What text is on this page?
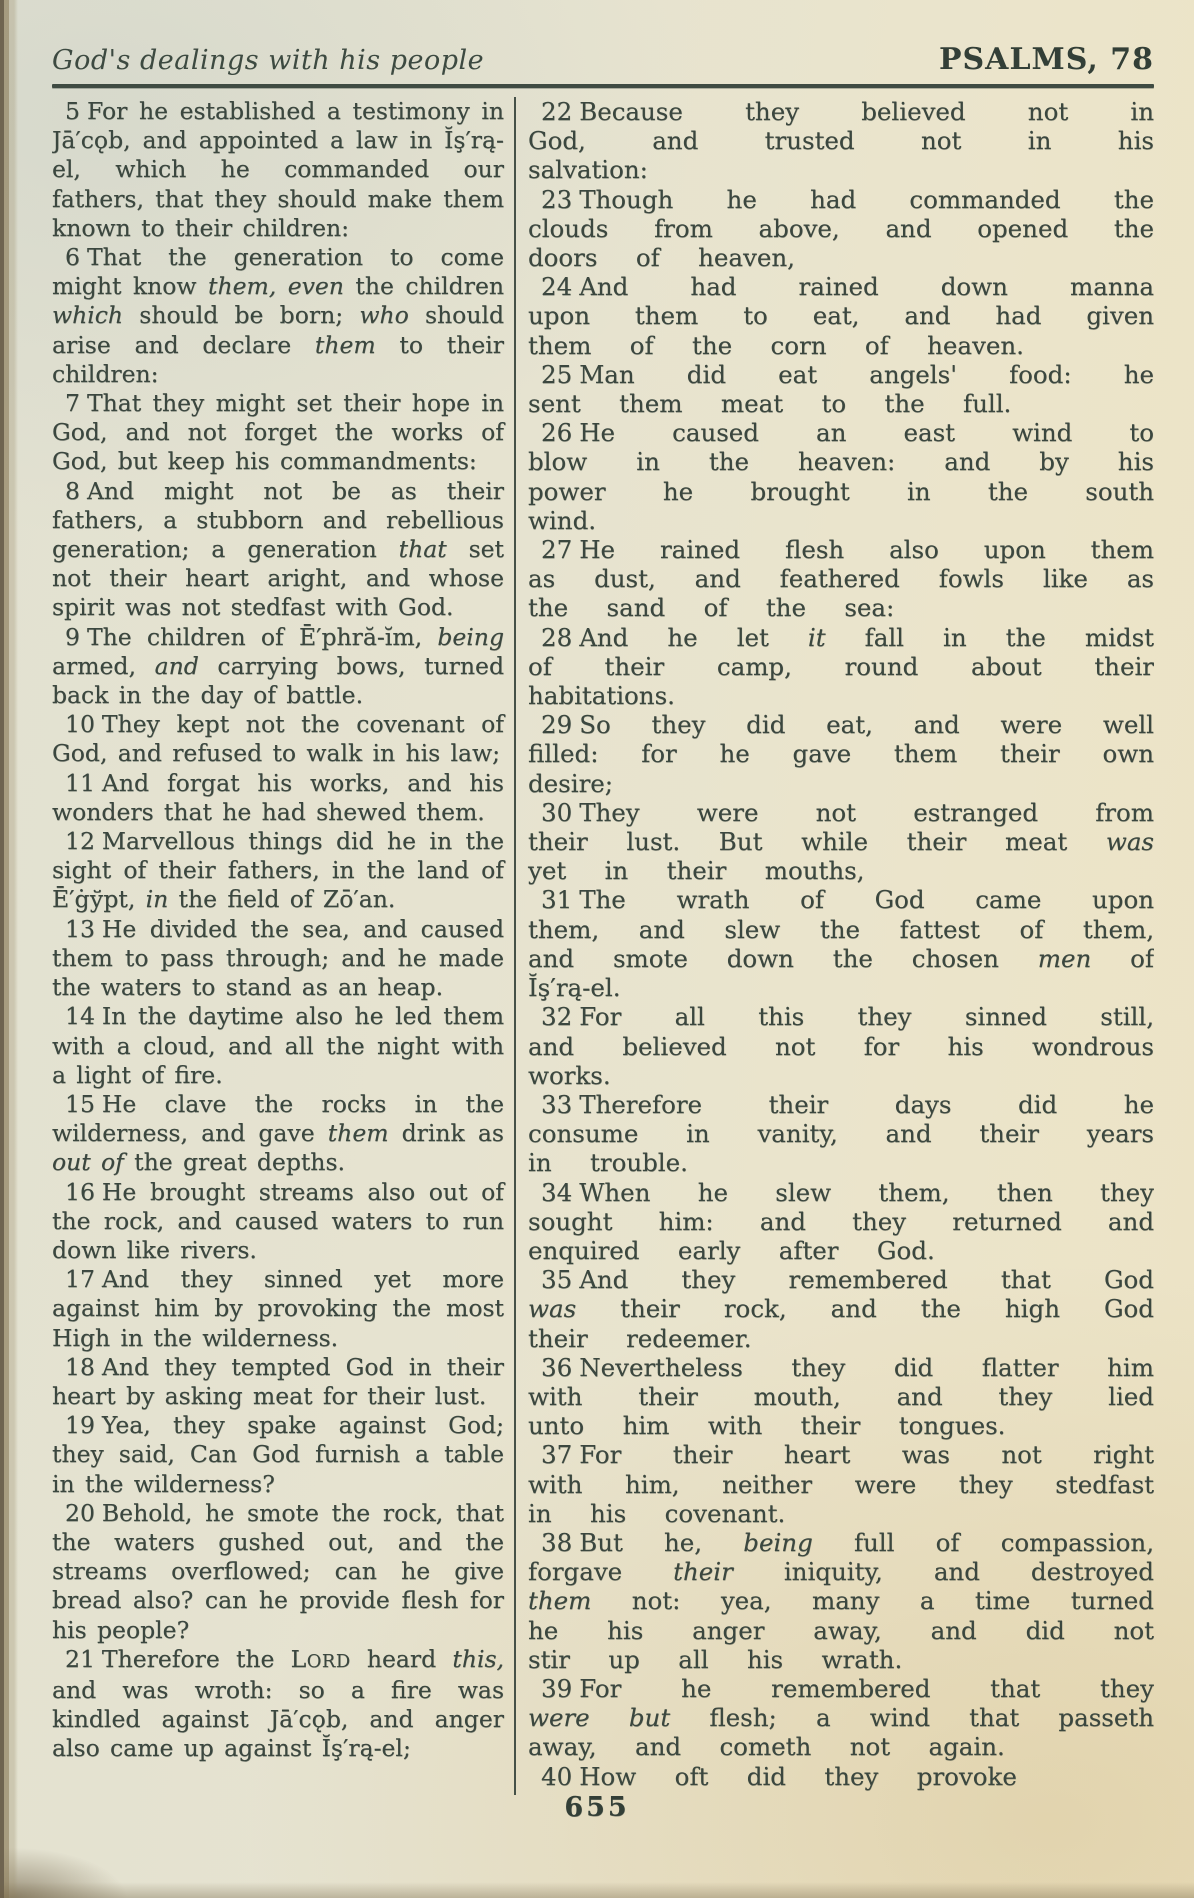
God's dealings with his people	PSALMS, 78

5 For he established a testimony in Jā′cǫb, and appointed a law in Ĭş′rą-el, which he commanded our fathers, that they should make them known to their children:

6 That the generation to come might know them, even the children which should be born; who should arise and declare them to their children:

7 That they might set their hope in God, and not forget the works of God, but keep his commandments:

8 And might not be as their fathers, a stubborn and rebellious generation; a generation that set not their heart aright, and whose spirit was not stedfast with God.

9 The children of Ē′phră-ĭm, being armed, and carrying bows, turned back in the day of battle.

10 They kept not the covenant of God, and refused to walk in his law;

11 And forgat his works, and his wonders that he had shewed them.

12 Marvellous things did he in the sight of their fathers, in the land of Ē′ġўpt, in the field of Zō′an.

13 He divided the sea, and caused them to pass through; and he made the waters to stand as an heap.

14 In the daytime also he led them with a cloud, and all the night with a light of fire.

15 He clave the rocks in the wilderness, and gave them drink as out of the great depths.

16 He brought streams also out of the rock, and caused waters to run down like rivers.

17 And they sinned yet more against him by provoking the most High in the wilderness.

18 And they tempted God in their heart by asking meat for their lust.

19 Yea, they spake against God; they said, Can God furnish a table in the wilderness?

20 Behold, he smote the rock, that the waters gushed out, and the streams overflowed; can he give bread also? can he provide flesh for his people?

21 Therefore the LORD heard this, and was wroth: so a fire was kindled against Jā′cǫb, and anger also came up against Ĭş′rą-el;

22 Because they believed not in God, and trusted not in his salvation:

23 Though he had commanded the clouds from above, and opened the doors of heaven,

24 And had rained down manna upon them to eat, and had given them of the corn of heaven.

25 Man did eat angels' food: he sent them meat to the full.

26 He caused an east wind to blow in the heaven: and by his power he brought in the south wind.

27 He rained flesh also upon them as dust, and feathered fowls like as the sand of the sea:

28 And he let it fall in the midst of their camp, round about their habitations.

29 So they did eat, and were well filled: for he gave them their own desire;

30 They were not estranged from their lust. But while their meat was yet in their mouths,

31 The wrath of God came upon them, and slew the fattest of them, and smote down the chosen men of Ĭş′rą-el.

32 For all this they sinned still, and believed not for his wondrous works.

33 Therefore their days did he consume in vanity, and their years in trouble.

34 When he slew them, then they sought him: and they returned and enquired early after God.

35 And they remembered that God was their rock, and the high God their redeemer.

36 Nevertheless they did flatter him with their mouth, and they lied unto him with their tongues.

37 For their heart was not right with him, neither were they stedfast in his covenant.

38 But he, being full of compassion, forgave their iniquity, and destroyed them not: yea, many a time turned he his anger away, and did not stir up all his wrath.

39 For he remembered that they were but flesh; a wind that passeth away, and cometh not again.

40 How oft did they provoke

655
